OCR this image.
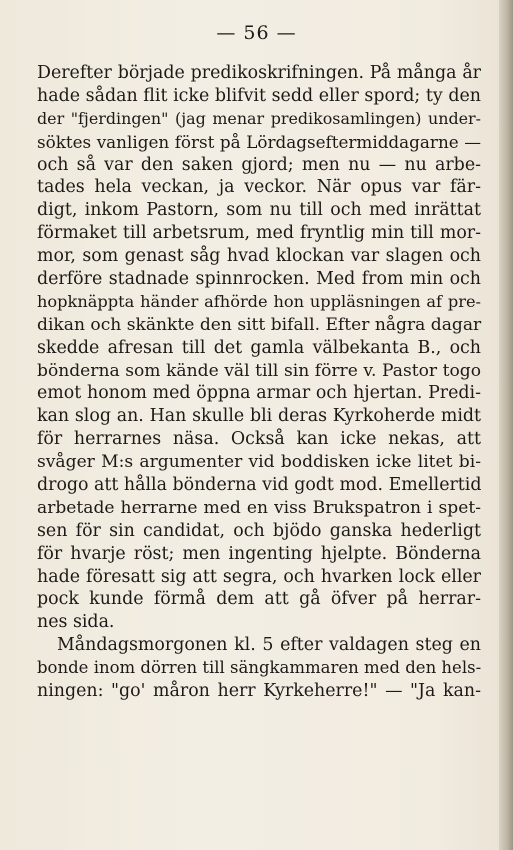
— 56 —
Derefter började predikoskrifningen. På många år
hade sådan flit icke blifvit sedd eller spord; ty den
der "fjerdingen" (jag menar predikosamlingen) under-
söktes vanligen först på Lördagseftermiddagarne —
och så var den saken gjord; men nu — nu arbe-
tades hela veckan, ja veckor. När opus var fär-
digt, inkom Pastorn, som nu till och med inrättat
förmaket till arbetsrum, med fryntlig min till mor-
mor, som genast såg hvad klockan var slagen och
derföre stadnade spinnrocken. Med from min och
hopknäppta händer afhörde hon uppläsningen af pre-
dikan och skänkte den sitt bifall. Efter några dagar
skedde afresan till det gamla välbekanta B., och
bönderna som kände väl till sin förre v. Pastor togo
emot honom med öppna armar och hjertan. Predi-
kan slog an. Han skulle bli deras Kyrkoherde midt
för herrarnes näsa. Också kan icke nekas, att
svåger M:s argumenter vid boddisken icke litet bi-
drogo att hålla bönderna vid godt mod. Emellertid
arbetade herrarne med en viss Brukspatron i spet-
sen för sin candidat, och bjödo ganska hederligt
för hvarje röst; men ingenting hjelpte. Bönderna
hade föresatt sig att segra, och hvarken lock eller
pock kunde förmå dem att gå öfver på herrar-
nes sida.
Måndagsmorgonen kl. 5 efter valdagen steg en
bonde inom dörren till sängkammaren med den hels-
ningen: "go' måron herr Kyrkeherre!" — "Ja kan-
